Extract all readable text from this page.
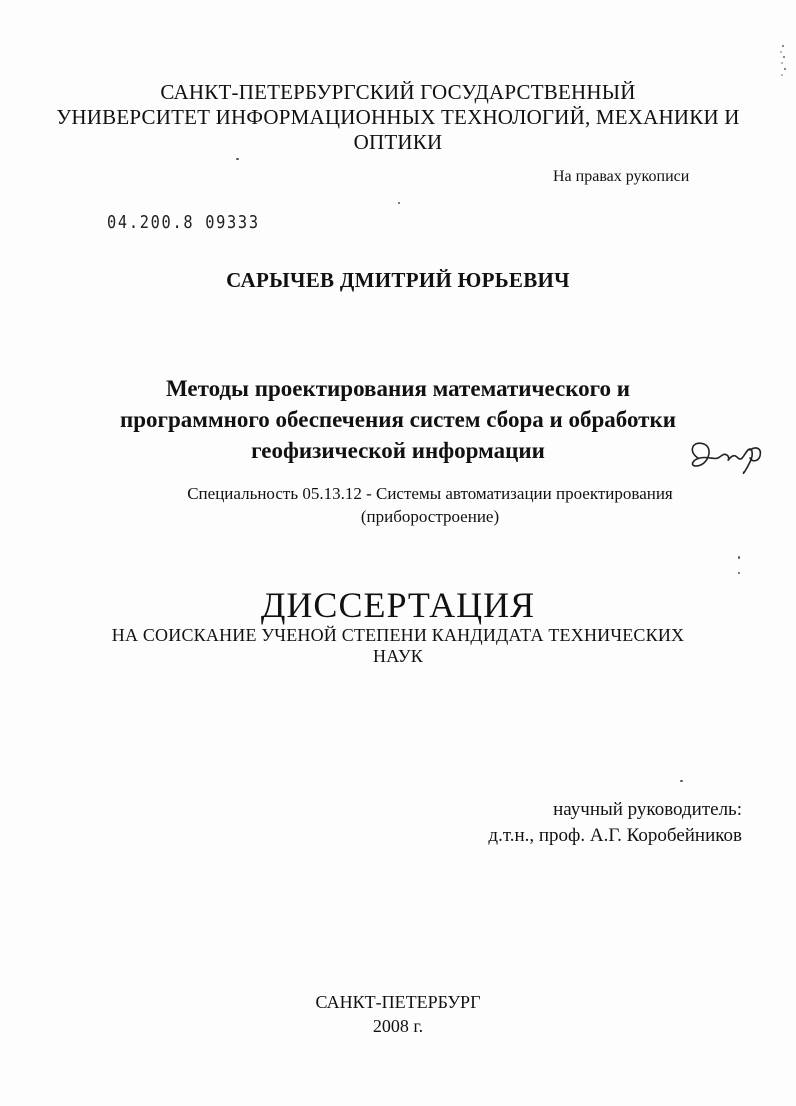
САНКТ-ПЕТЕРБУРГСКИЙ ГОСУДАРСТВЕННЫЙ
УНИВЕРСИТЕТ ИНФОРМАЦИОННЫХ ТЕХНОЛОГИЙ, МЕХАНИКИ И
ОПТИКИ
На правах рукописи
04.200.8 09333
САРЫЧЕВ ДМИТРИЙ ЮРЬЕВИЧ
Методы проектирования математического и
программного обеспечения систем сбора и обработки
геофизической информации
Специальность 05.13.12 - Системы автоматизации проектирования
(приборостроение)
ДИССЕРТАЦИЯ
НА СОИСКАНИЕ УЧЕНОЙ СТЕПЕНИ КАНДИДАТА ТЕХНИЧЕСКИХ
НАУК
научный руководитель:
д.т.н., проф. А.Г. Коробейников
САНКТ-ПЕТЕРБУРГ
2008 г.
